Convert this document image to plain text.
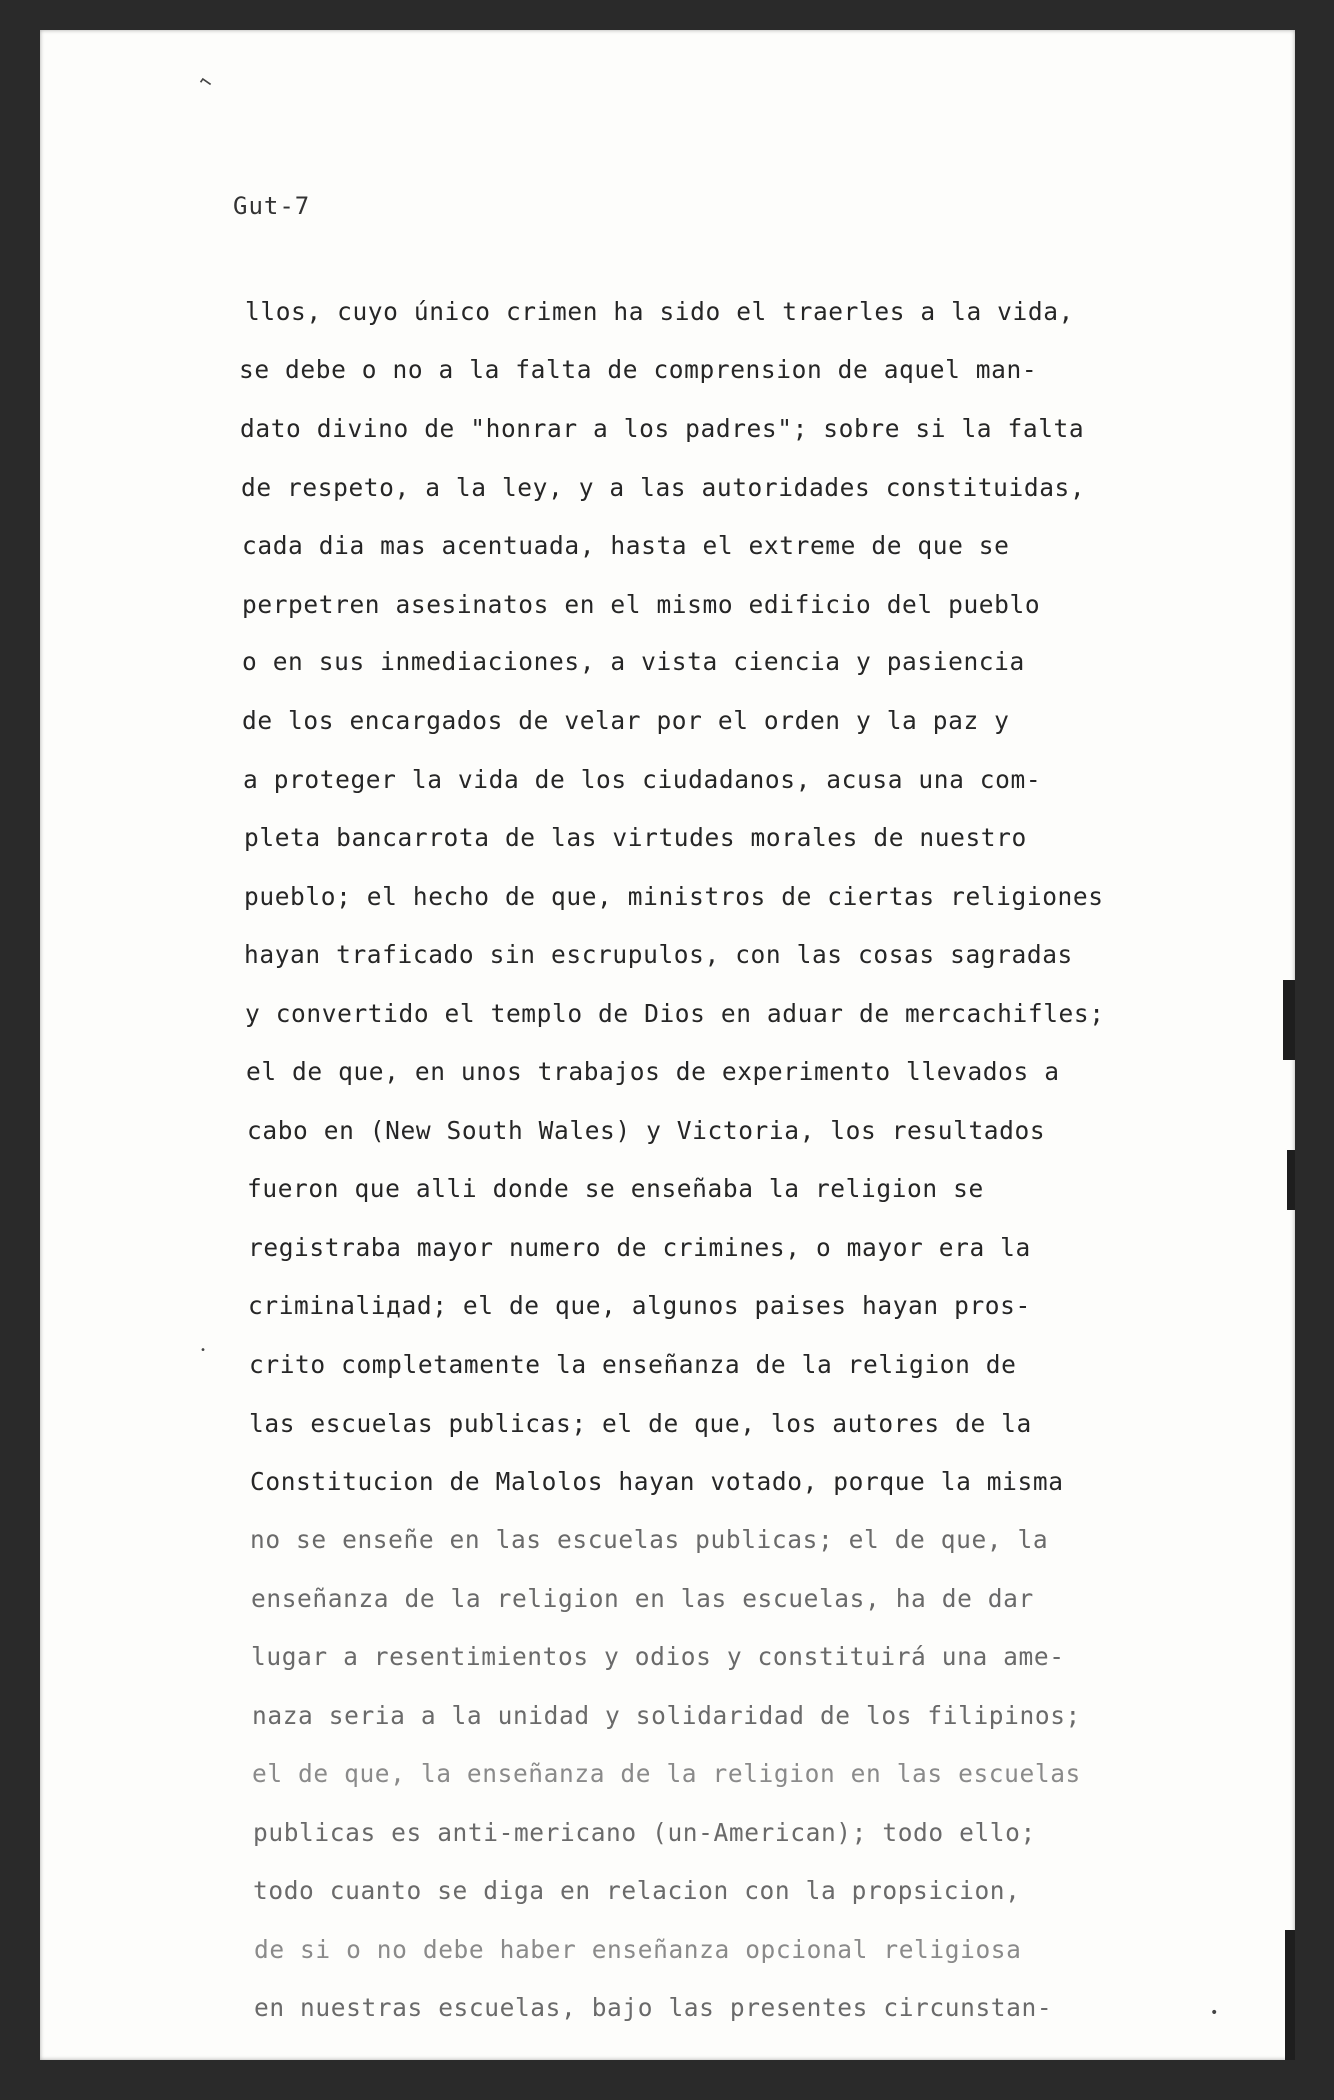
⌐
•
•
Gut-7
llos, cuyo único crimen ha sido el traerles a la vida,
se debe o no a la falta de comprension de aquel man-
dato divino de "honrar a los padres"; sobre si la falta
de respeto, a la ley, y a las autoridades constituidas,
cada dia mas acentuada, hasta el extreme de que se
perpetren asesinatos en el mismo edificio del pueblo
o en sus inmediaciones, a vista ciencia y pasiencia
de los encargados de velar por el orden y la paz y
a proteger la vida de los ciudadanos, acusa una com-
pleta bancarrota de las virtudes morales de nuestro
pueblo; el hecho de que, ministros de ciertas religiones
hayan traficado sin escrupulos, con las cosas sagradas
y convertido el templo de Dios en aduar de mercachifles;
el de que, en unos trabajos de experimento llevados a
cabo en (New South Wales) y Victoria, los resultados
fueron que alli donde se enseñaba la religion se
registraba mayor numero de crimines, o mayor era la
criminaliдad; el de que, algunos paises hayan pros-
crito completamente la enseñanza de la religion de
las escuelas publicas; el de que, los autores de la
Constitucion de Malolos hayan votado, porque la misma
no se enseñe en las escuelas publicas; el de que, la
enseñanza de la religion en las escuelas, ha de dar
lugar a resentimientos y odios y constituirá una ame-
naza seria a la unidad y solidaridad de los filipinos;
el de que, la enseñanza de la religion en las escuelas
publicas es anti-mericano (un-American); todo ello;
todo cuanto se diga en relacion con la propsicion,
de si o no debe haber enseñanza opcional religiosa
en nuestras escuelas, bajo las presentes circunstan-
